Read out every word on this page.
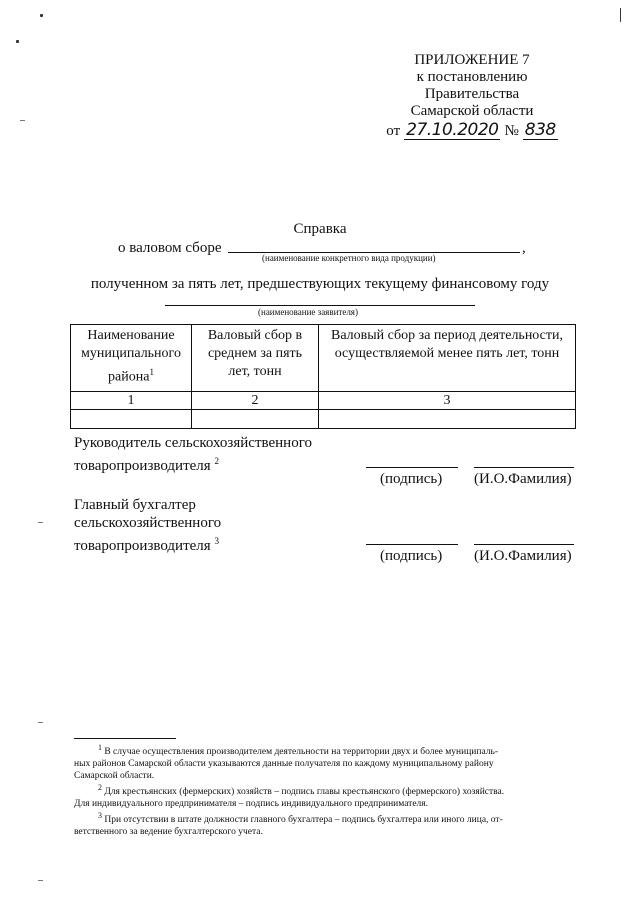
ПРИЛОЖЕНИЕ 7
к постановлению Правительства
Самарской области
от 27.10.2020 № 838
Справка
о валовом сборе	,
(наименование конкретного вида продукции)
полученном за пять лет, предшествующих текущему финансовому году
(наименование заявителя)
Наименование муниципального района$^1$	Валовый сбор в среднем за пять лет, тонн	Валовый сбор за период деятельности, осуществляемой менее пять лет, тонн
1	2	3

Руководитель сельскохозяйственного
товаропроизводителя $^2$
(подпись) (И.О.Фамилия)
Главный бухгалтер
сельскохозяйственного
товаропроизводителя $^3$
(подпись) (И.О.Фамилия)
$^1$ В случае осуществления производителем деятельности на территории двух и более муниципаль-
ных районов Самарской области указываются данные получателя по каждому муниципальному району
Самарской области.
$^2$ Для крестьянских (фермерских) хозяйств – подпись главы крестьянского (фермерского) хозяйства.
Для индивидуального предпринимателя – подпись индивидуального предпринимателя.
$^3$ При отсутствии в штате должности главного бухгалтера – подпись бухгалтера или иного лица, от-
ветственного за ведение бухгалтерского учета.
